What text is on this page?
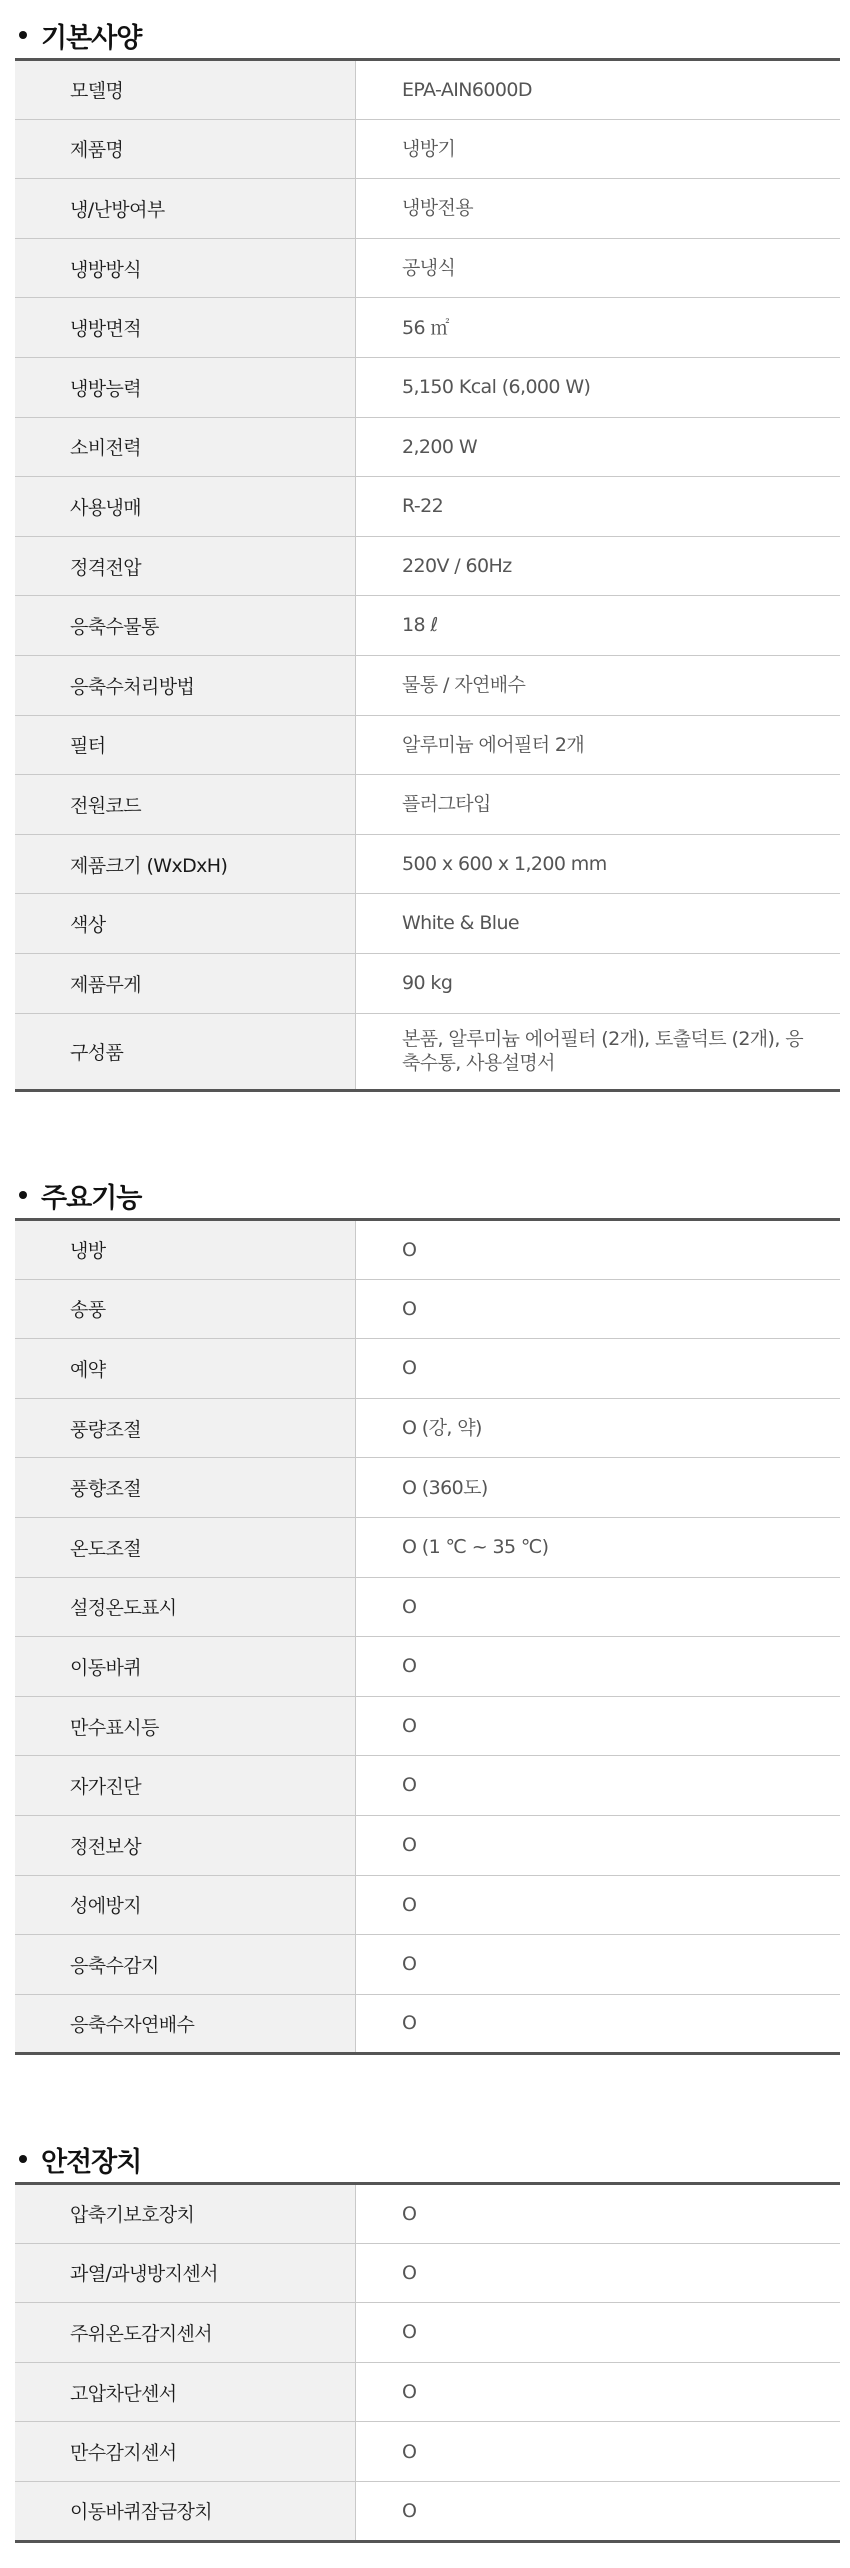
기본사양
모델명	EPA-AIN6000D
제품명	냉방기
냉/난방여부	냉방전용
냉방방식	공냉식
냉방면적	56 ㎡
냉방능력	5,150 Kcal (6,000 W)
소비전력	2,200 W
사용냉매	R-22
정격전압	220V / 60Hz
응축수물통	18 ℓ
응축수처리방법	물통 / 자연배수
필터	알루미늄 에어필터 2개
전원코드	플러그타입
제품크기 (WxDxH)	500 x 600 x 1,200 mm
색상	White & Blue
제품무게	90 kg
구성품	본품, 알루미늄 에어필터 (2개), 토출덕트 (2개), 응축수통, 사용설명서
주요기능
냉방	O
송풍	O
예약	O
풍량조절	O (강, 약)
풍향조절	O (360도)
온도조절	O (1 ℃ ~ 35 ℃)
설정온도표시	O
이동바퀴	O
만수표시등	O
자가진단	O
정전보상	O
성에방지	O
응축수감지	O
응축수자연배수	O
안전장치
압축기보호장치	O
과열/과냉방지센서	O
주위온도감지센서	O
고압차단센서	O
만수감지센서	O
이동바퀴잠금장치	O
